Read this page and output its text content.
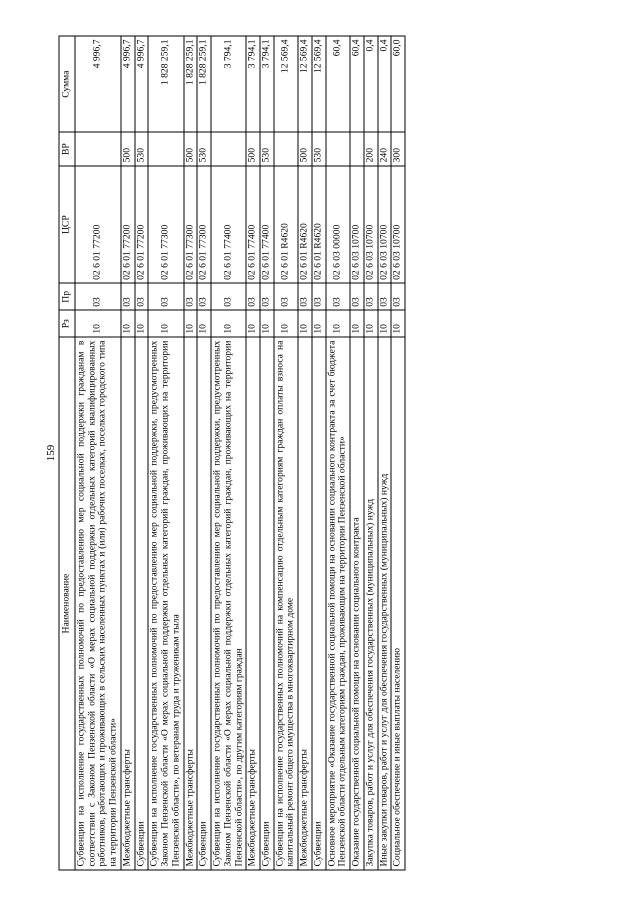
159
Наименование	Рз	Пр	ЦСР	ВР	Сумма
Субвенции на исполнение государственных полномочий по предоставлению мер социальной поддержки гражданам в соответствии с Законом Пензенской области «О мерах социальной поддержки отдельных категорий квалифицированных работников, работающих и проживающих в сельских населенных пунктах и (или) рабочих поселках, поселках городского типа на территории Пензенской области»	10	03	02 6 01 77200		4 996,7
Межбюджетные трансферты	10	03	02 6 01 77200	500	4 996,7
Субвенции	10	03	02 6 01 77200	530	4 996,7
Субвенции на исполнение государственных полномочий по предоставлению мер социальной поддержки, предусмотренных Законом Пензенской области «О мерах социальной поддержки отдельных категорий граждан, проживающих на территории Пензенской области», по ветеранам труда и труженикам тыла	10	03	02 6 01 77300		1 828 259,1
Межбюджетные трансферты	10	03	02 6 01 77300	500	1 828 259,1
Субвенции	10	03	02 6 01 77300	530	1 828 259,1
Субвенции на исполнение государственных полномочий по предоставлению мер социальной поддержки, предусмотренных Законом Пензенской области «О мерах социальной поддержки отдельных категорий граждан, проживающих на территории Пензенской области», по другим категориям граждан	10	03	02 6 01 77400		3 794,1
Межбюджетные трансферты	10	03	02 6 01 77400	500	3 794,1
Субвенции	10	03	02 6 01 77400	530	3 794,1
Субвенции на исполнение государственных полномочий на компенсацию отдельным категориям граждан оплаты взноса на капитальный ремонт общего имущества в многоквартирном доме	10	03	02 6 01 R4620		12 569,4
Межбюджетные трансферты	10	03	02 6 01 R4620	500	12 569,4
Субвенции	10	03	02 6 01 R4620	530	12 569,4
Основное мероприятие «Оказание государственной социальной помощи на основании социального контракта за счет бюджета Пензенской области отдельным категориям граждан, проживающим на территории Пензенской области»	10	03	02 6 03 00000		60,4
Оказание государственной социальной помощи на основании социального контракта	10	03	02 6 03 10700		60,4
Закупка товаров, работ и услуг для обеспечения государственных (муниципальных) нужд	10	03	02 6 03 10700	200	0,4
Иные закупки товаров, работ и услуг для обеспечения государственных (муниципальных) нужд	10	03	02 6 03 10700	240	0,4
Социальное обеспечение и иные выплаты населению	10	03	02 6 03 10700	300	60,0
